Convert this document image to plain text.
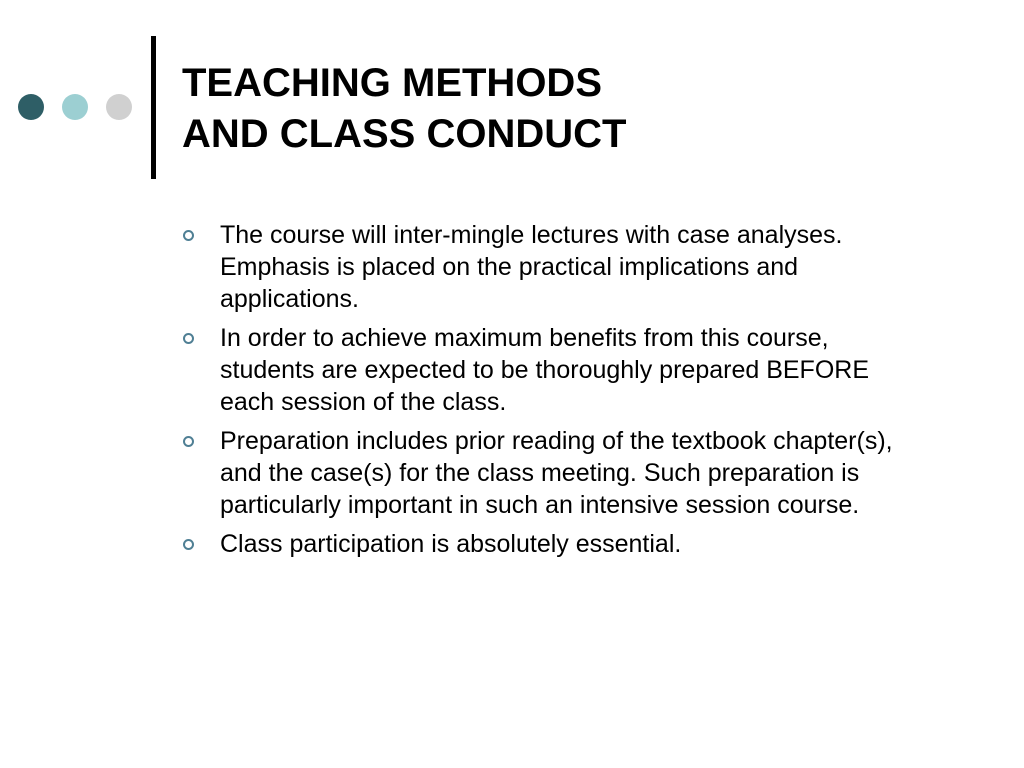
TEACHING METHODS
AND CLASS CONDUCT
The course will inter-mingle lectures with case analyses. Emphasis is placed on the practical implications and applications.
In order to achieve maximum benefits from this course, students are expected to be thoroughly prepared BEFORE each session of the class.
Preparation includes prior reading of the textbook chapter(s), and the case(s) for the class meeting. Such preparation is particularly important in such an intensive session course.
Class participation is absolutely essential.
